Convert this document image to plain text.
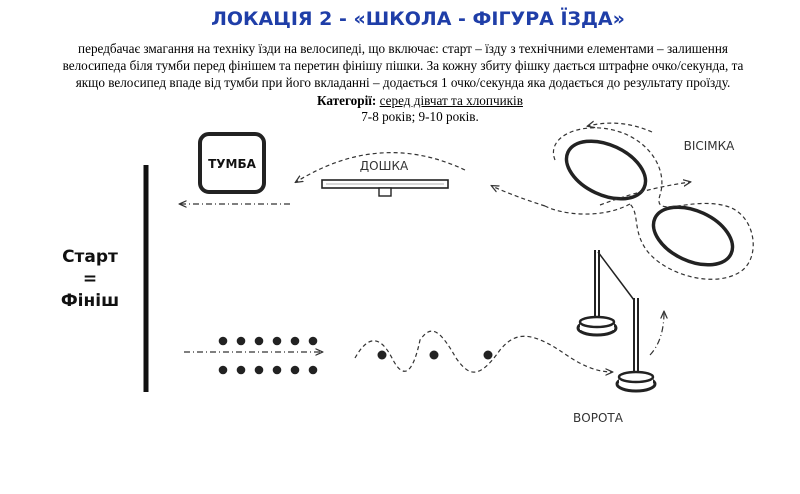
ЛОКАЦІЯ 2 - «ШКОЛА - ФІГУРА ЇЗДА»

передбачає змагання на техніку їзди на велосипеді, що включає: старт – їзду з технічними елементами – залишення

велосипеда біля тумби перед фінішем та перетин фінішу пішки. За кожну збиту фішку дається штрафне очко/секунда, та

якщо велосипед впаде від тумби при його вкладанні – додається 1 очко/секунда яка додається до результату проїзду.

Категорії: серед дівчат та хлопчиків
7-8 років; 9-10 років.
Старт
=
Фініш
ТУМБА	ДОШКА
ВІСІМКА
ВОРОТА
